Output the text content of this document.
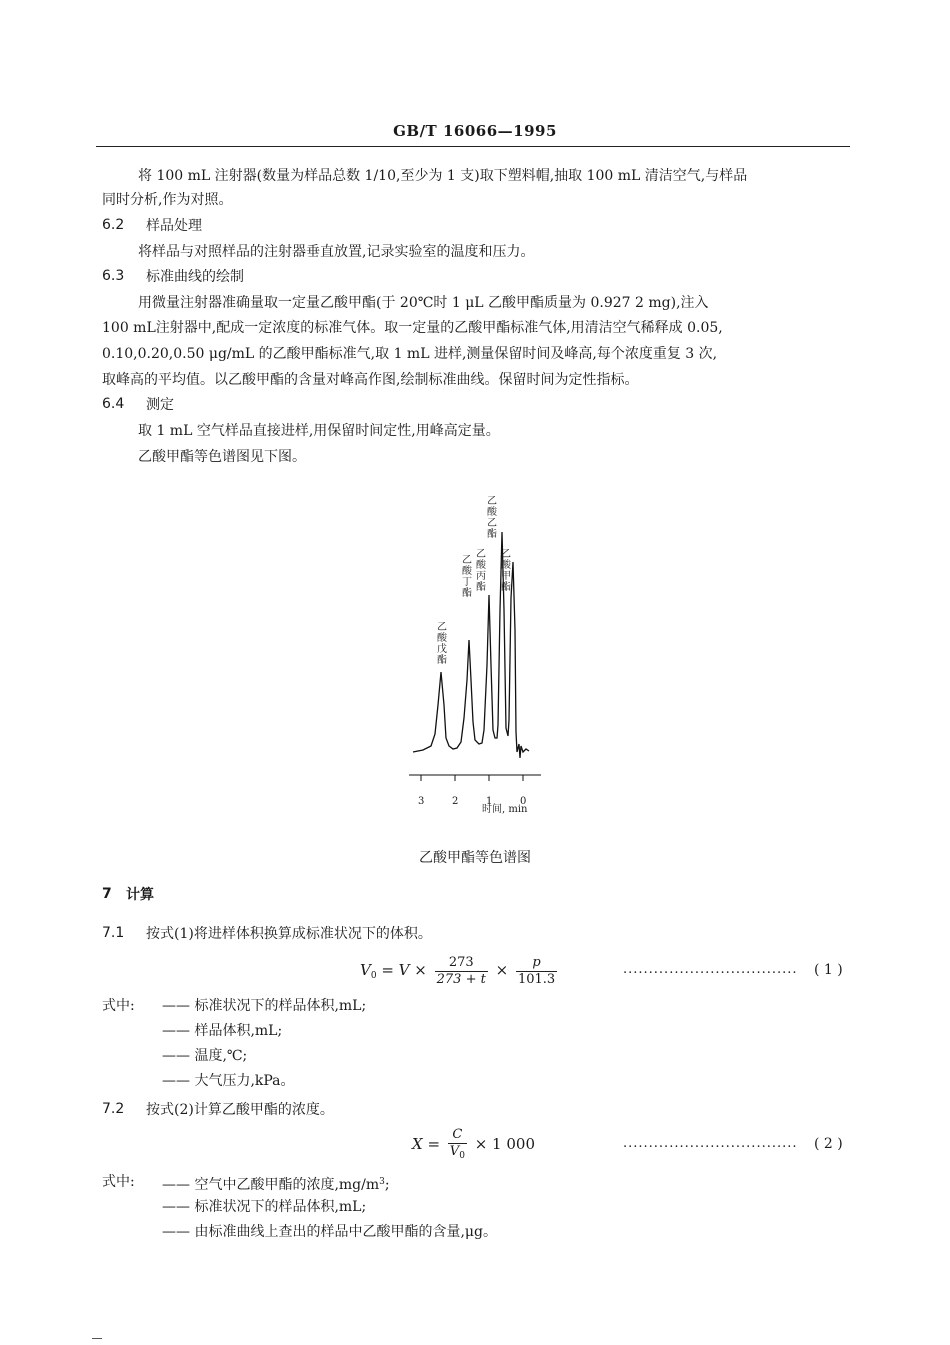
GB/T 16066—1995
将 100 mL 注射器(数量为样品总数 1/10,至少为 1 支)取下塑料帽,抽取 100 mL 清洁空气,与样品
同时分析,作为对照。
6.2 样品处理
将样品与对照样品的注射器垂直放置,记录实验室的温度和压力。
6.3 标准曲线的绘制
用微量注射器准确量取一定量乙酸甲酯(于 20℃时 1 μL 乙酸甲酯质量为 0.927 2 mg),注入
100 mL注射器中,配成一定浓度的标准气体。取一定量的乙酸甲酯标准气体,用清洁空气稀释成 0.05,
0.10,0.20,0.50 μg/mL 的乙酸甲酯标准气,取 1 mL 进样,测量保留时间及峰高,每个浓度重复 3 次,
取峰高的平均值。以乙酸甲酯的含量对峰高作图,绘制标准曲线。保留时间为定性指标。
6.4 测定
取 1 mL 空气样品直接进样,用保留时间定性,用峰高定量。
乙酸甲酯等色谱图见下图。
乙酸戊酯
乙酸丁酯
乙酸丙酯
乙酸乙酯
乙酸甲酯
3	2	1	0
时间, min
乙酸甲酯等色谱图
7 计算
7.1 按式(1)将进样体积换算成标准状况下的体积。
$V_0 = V \times \frac{273}{273 + t} \times \frac{p}{101.3}$	.................................. ( 1 )
式中: —— 标准状况下的样品体积,mL;
—— 样品体积,mL;
—— 温度,℃;
—— 大气压力,kPa。
7.2 按式(2)计算乙酸甲酯的浓度。
$X = \frac{C}{V_0} \times 1$ 000	.................................. ( 2 )
式中: —— 空气中乙酸甲酯的浓度$,mg/m^3$;
—— 标准状况下的样品体积,mL;
—— 由标准曲线上查出的样品中乙酸甲酯的含量,μg。
